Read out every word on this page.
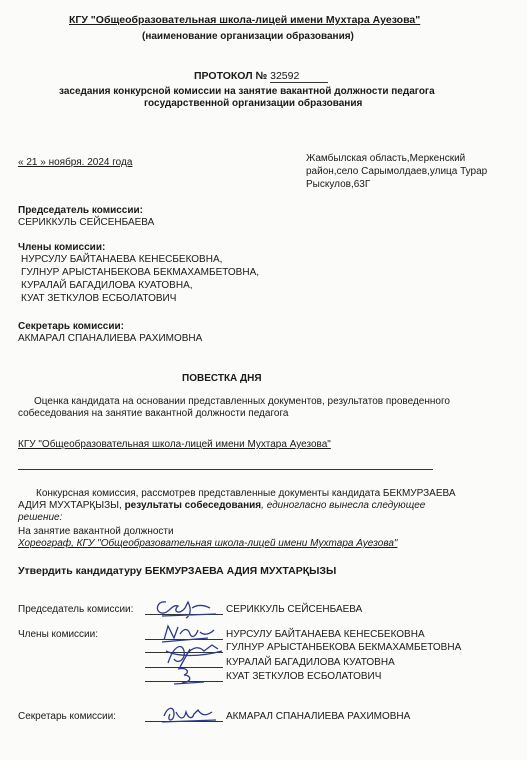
КГУ "Общеобразовательная школа-лицей имени Мухтара Ауезова"
(наименование организации образования)
ПРОТОКОЛ № 32592
заседания конкурсной комиссии на занятие вакантной должности педагога
государственной организации образования
« 21 » ноября. 2024 года	Жамбылская область,Меркенский
район,село Сарымолдаев,улица Турар
Рыскулов,63Г
Председатель комиссии:
СЕРИККУЛЬ СЕЙСЕНБАЕВА
Члены комиссии:
НУРСУЛУ БАЙТАНАЕВА КЕНЕСБЕКОВНА,
ГУЛНУР АРЫСТАНБЕКОВА БЕКМАХАМБЕТОВНА,
КУРАЛАЙ БАГАДИЛОВА КУАТОВНА,
КУАТ ЗЕТКУЛОВ ЕСБОЛАТОВИЧ
Секретарь комиссии:
АКМАРАЛ СПАНАЛИЕВА РАХИМОВНА
ПОВЕСТКА ДНЯ
Оценка кандидата на основании представленных документов, результатов проведенного
собеседования на занятие вакантной должности педагога
КГУ "Общеобразовательная школа-лицей имени Мухтара Ауезова"
Конкурсная комиссия, рассмотрев представленные документы кандидата БЕКМУРЗАЕВА
АДИЯ МУХТАРҚЫЗЫ, результаты собеседования, единогласно вынесла следующее
решение:
На занятие вакантной должности
Хореограф, КГУ "Общеобразовательная школа-лицей имени Мухтара Ауезова"
Утвердить кандидатуру БЕКМУРЗАЕВА АДИЯ МУХТАРҚЫЗЫ
Председатель комиссии:	СЕРИККУЛЬ СЕЙСЕНБАЕВА
Члены комиссии:	НУРСУЛУ БАЙТАНАЕВА КЕНЕСБЕКОВНА
ГУЛНУР АРЫСТАНБЕКОВА БЕКМАХАМБЕТОВНА
КУРАЛАЙ БАГАДИЛОВА КУАТОВНА
КУАТ ЗЕТКУЛОВ ЕСБОЛАТОВИЧ
Секретарь комиссии:	АКМАРАЛ СПАНАЛИЕВА РАХИМОВНА
